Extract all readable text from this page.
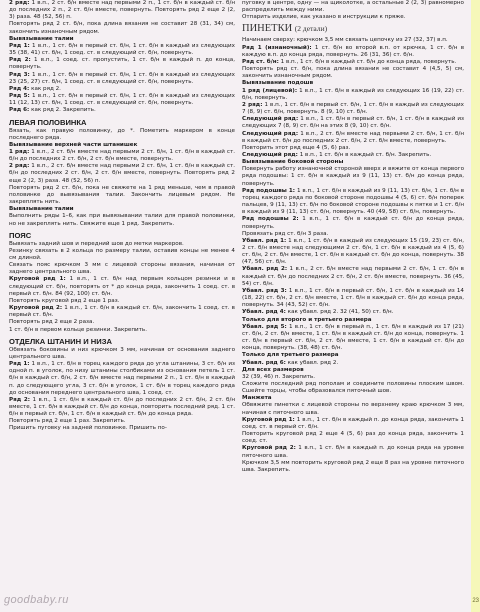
2 ряд: 1 в.п., 2 ст. б/н вместе над первыми 2 п., 1 ст. б/н в каждый ст. б/н до последних 2 п., 2 ст. б/н вместе, повернуть. Повторять ряд 2 еще 2 (2, 3) раза. 48 (52, 56) п.

Повторять ряд 2 ст. б/н, пока длина вязания не составит 28 (31, 34) см, закончить изнаночным рядом.

Вывязывание талии

Ряд 1: 1 в.п., 1 ст. б/н в первый ст. б/н, 1 ст. б/н в каждый из следующих 35 (38, 41) ст. б/н, 1 соед. ст. в следующий ст. б/н, повернуть.

Ряд 2: 1 в.п., 1 соед. ст. пропустить, 1 ст. б/н в каждый п. до конца, повернуть.

Ряд 3: 1 в.п., 1 ст. б/н в первый ст. б/н, 1 ст. б/н в каждый из следующих 23 (25, 27) ст. б/н, 1 соед. ст. в следующий ст. б/н, повернуть.

Ряд 4: как ряд 2.

Ряд 5: 1 в.п., 1 ст. б/н в первый ст. б/н, 1 ст. б/н в каждый из следующих 11 (12, 13) ст. б/н, 1 соед. ст. в следующий ст. б/н, повернуть.

Ряд 6: как ряд 2. Закрепить.

ЛЕВАЯ ПОЛОВИНКА

Вязать, как правую половинку, до *. Пометить маркером в конце последнего ряда.

Вывязывание верхней части штанишек

1 ряд: 1 в.п., 2 ст. б/н вместе над первыми 2 ст. б/н, 1 ст. б/н в каждый ст. б/н до последних 2 ст. б/н, 2 ст. б/н вместе, повернуть.

2 ряд: 1 в.п., 2 ст. б/н вместе над первыми 2 ст. б/н, 1 ст. б/н в каждый ст. б/н до последних 2 ст. б/н, 2 ст. б/н вместе, повернуть. Повторять ряд 2 еще 2 (2, 3) раза. 48 (52, 56) п.

Повторять ряд 2 ст. б/н, пока не свяжете на 1 ряд меньше, чем в правой половинке до вывязывания талии. Закончить лицевым рядом. Не закреплять нить.

Вывязывание талии

Выполнить ряды 1–6, как при вывязывании талии для правой половинки, но не закреплять нить. Свяжите еще 1 ряд. Закрепить.

ПОЯС

Вывязать задний шов и передний шов до метки маркеров.

Резинку связать в 2 кольца по размеру талии, оставив концы не менее 4 см длиной.

Связать пояс крючком 3 мм с лицевой стороны вязания, начиная от заднего центрального шва.

Круговой ряд 1: 1 в.п., 1 ст. б/н над первым кольцом резинки и в следующий ст. б/н, повторять от * до конца ряда, закончить 1 соед. ст. в первый ст. б/н. 84 (92, 100) ст. б/н.

Повторять круговой ряд 2 еще 1 раз.

Круговой ряд 2: 1 в.п., 1 ст. б/н в каждый ст. б/н, закончить 1 соед. ст. в первый ст. б/н.

Повторять ряд 2 еще 2 раза.

1 ст. б/н в первом кольце резинки. Закрепить.

ОТДЕЛКА ШТАНИН И НИЗА

Обвязать боковины и низ крючком 3 мм, начиная от основания заднего центрального шва.

Ряд 1: 1 в.п., 1 ст. б/н в торец каждого ряда до угла штанины, 3 ст. б/н из одной п. в уголок, по низу штанины столбиками из основания петель 1 ст. б/н в каждый ст. б/н, 2 ст. б/н вместе над первыми 2 п., 1 ст. б/н в каждый п. до следующего угла, 3 ст. б/н в уголок, 1 ст. б/н в торец каждого ряда до основания переднего центрального шва, 1 соед. ст.

Ряд 2: 1 в.п., 1 ст. б/н в каждый ст. б/н до последних 2 ст. б/н, 2 ст. б/н вместе, 1 ст. б/н в каждый ст. б/н до конца, повторить последний ряд. 1 ст. б/н в первый ст. б/н, 1 ст. б/н в каждый ст. б/н до конца ряда.

Повторять ряд 2 еще 1 раз. Закрепить.

Пришить пуговку на задней половинке. Пришить по-

пуговку в центре, одну — на щиколотке, а остальные 2 (2, 3) равномерно распределить между ними.

Отпарить изделие, как указано в инструкции к пряже.

ПИНЕТКИ (2 детали)

Начинаем сверху: крючком 3,5 мм связать цепочку из 27 (32, 37) в.п.

Ряд 1 (изнаночный): 1 ст. б/н во второй в.п. от крючка, 1 ст. б/н в каждую в.п. до конца ряда, повернуть. 26 (31, 36) ст. б/н.

Ряд ст. б/н: 1 в.п., 1 ст. б/н в каждый ст. б/н до конца ряда, повернуть.

Повторять ряд ст. б/н, пока длина вязания не составит 4 (4,5, 5) см, закончить изнаночным рядом.

Вывязывание подошв

1 ряд (лицевой): 1 в.п., 1 ст. б/н в каждый из следующих 16 (19, 22) ст. б/н, повернуть.

2 ряд: 1 в.п., 1 ст. б/н в первый ст. б/н, 1 ст. б/н в каждый из следующих 7 (8, 9) ст. б/н, повернуть. 8 (9, 10) ст. б/н.

Следующий ряд: 1 в.п., 1 ст. б/н в первый ст. б/н, 1 ст. б/н в каждый из следующих 7 (8, 9) ст. б/н на этих 8 (9, 10) ст. б/н.

Следующий ряд: 1 в.п., 2 ст. б/н вместе над первыми 2 ст. б/н, 1 ст. б/н в каждый ст. б/н до последних 2 ст. б/н, 2 ст. б/н вместе, повернуть.

Повторить этот ряд еще 4 (5, 6) раз.

Следующий ряд: 1 в.п., 1 ст. б/н в каждый ст. б/н. Закрепить.

Вывязывание боковой стороны

Повернуть работу изнаночной стороной вверх и вяжите от конца первого ряда подошвы: 1 ст. б/н в каждый из 9 (11, 13) ст. б/н до конца ряда, повернуть.

Ряд подошвы 1: 1 в.п., 1 ст. б/н в каждый из 9 (11, 13) ст. б/н, 1 ст. б/н в торец каждого ряда по боковой стороне подошвы 4 (5, 6) ст. б/н поперек пальцев, 9 (11, 13) ст. б/н по боковой стороне подошвы к пятке и 1 ст. б/н в каждый из 9 (11, 13) ст. б/н, повернуть. 40 (49, 58) ст. б/н, повернуть.

Ряд подошвы 2: 1 в.п., 1 ст. б/н в каждый ст. б/н до конца ряда, повернуть.

Провязать ряд ст. б/н 3 раза.

Убавл. ряд 1: 1 в.п., 1 ст. б/н в каждый из следующих 15 (19, 23) ст. б/н, 2 ст. б/н вместе над следующими 2 ст. б/н, 1 ст. б/н в каждый из 4 (5, 6) ст. б/н, 2 ст. б/н вместе, 1 ст. б/н в каждый ст. б/н до конца, повернуть. 38 (47, 56) ст. б/н.

Убавл. ряд 2: 1 в.п., 2 ст. б/н вместе над первыми 2 ст. б/н, 1 ст. б/н в каждый ст. б/н до последних 2 ст. б/н, 2 ст. б/н вместе, повернуть. 36 (45, 54) ст. б/н.

Убавл. ряд 3: 1 в.п., 1 ст. б/н в первый ст. б/н, 1 ст. б/н в каждый из 14 (18, 22) ст. б/н, 2 ст. б/н вместе, 1 ст. б/н в каждый ст. б/н до конца ряда, повернуть. 34 (43, 52) ст. б/н.

Убавл. ряд 4: как убавл. ряд 2. 32 (41, 50) ст. б/н.

Только для второго и третьего размера

Убавл. ряд 5: 1 в.п., 1 ст. б/н в первый п., 1 ст. б/н в каждый из 17 (21) ст. б/н, 2 ст. б/н вместе, 1 ст. б/н в каждый ст. б/н до конца, повернуть. 1 ст. б/н в первый ст. б/н, 2 ст. б/н вместе, 1 ст. б/н в каждый ст. б/н до конца, повернуть. (38, 48) ст. б/н.

Только для третьего размера

Убавл. ряд 6: как убавл. ряд 2.

Для всех размеров

32 (39, 46) п. Закрепить.

Сложите последний ряд пополам и соедините половины плоским швом. Сшейте торцы, чтобы образовался пяточный шов.

Манжета

Обвяжите пинетки с лицевой стороны по верхнему краю крючком 3 мм, начиная с пяточного шва.

Круговой ряд 1: 1 в.п., 1 ст. б/н в каждый п. до конца ряда, закончить 1 соед. ст. в первый ст. б/н.

Повторить круговой ряд 2 еще 4 (5, 6) раз до конца ряда, закончить 1 соед. ст.

Круговой ряд 2: 1 в.п., 1 ст. б/н в каждый п. до конца ряда на уровне пяточного шва.

Крючком 3,5 мм повторить круговой ряд 2 еще 8 раз на уровне пяточного шва. Закрепить.

23
goodbaby.ru
